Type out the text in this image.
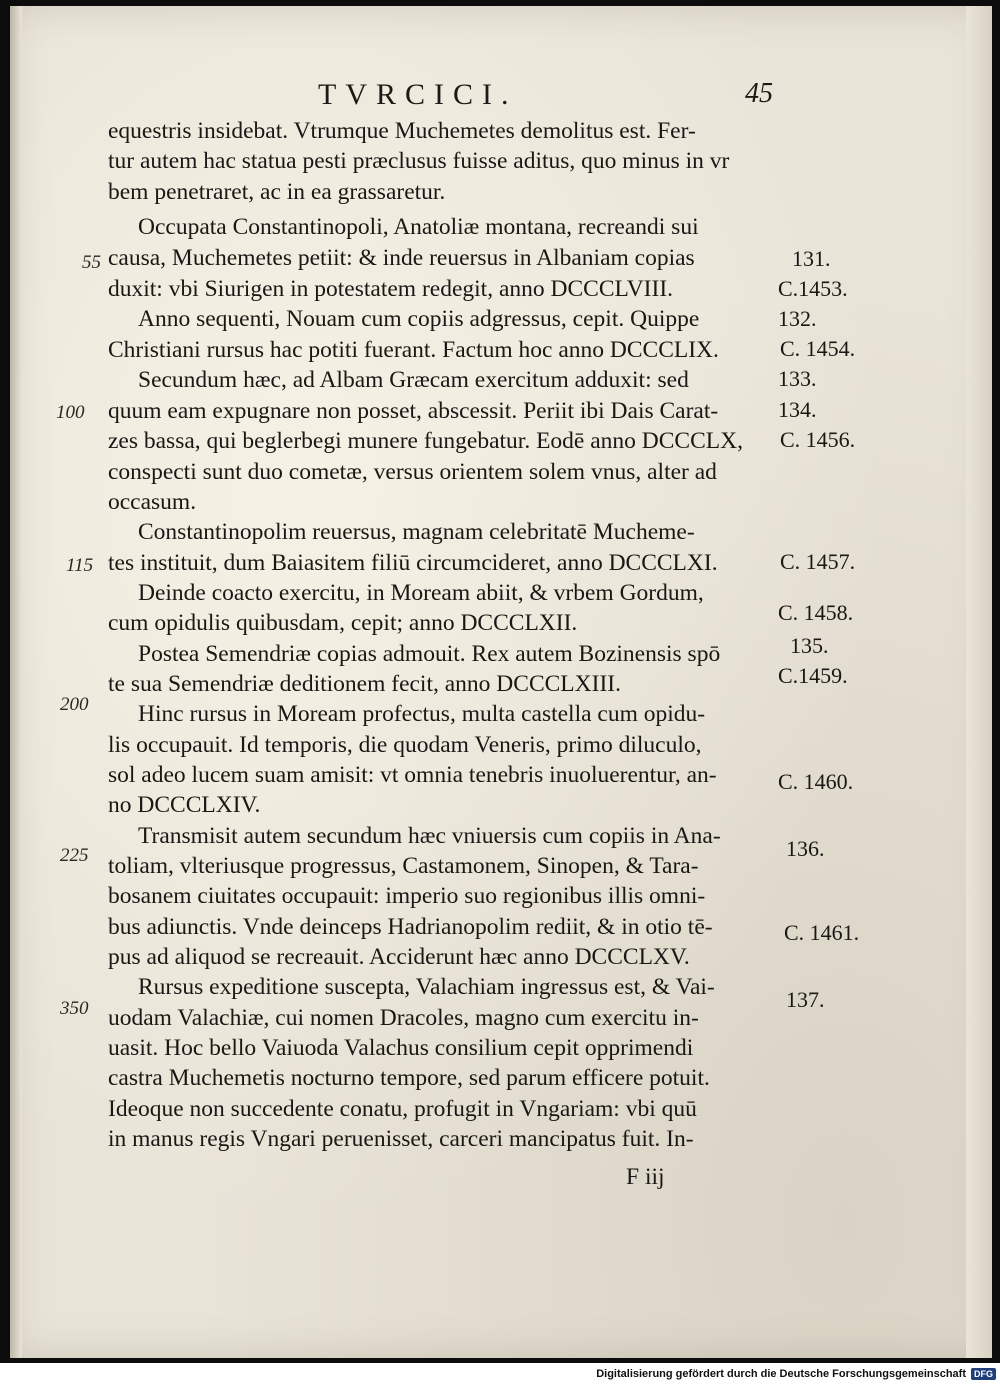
TVRCICI.	45
equestris insidebat. Vtrumque Muchemetes demolitus est. Fer-
tur autem hac statua pesti præclusus fuisse aditus, quo minus in vr
bem penetraret, ac in ea grassaretur.
Occupata Constantinopoli, Anatoliæ montana, recreandi sui
causa, Muchemetes petiit: & inde reuersus in Albaniam copias
duxit: vbi Siurigen in potestatem redegit, anno DCCCLVIII.
Anno sequenti, Nouam cum copiis adgressus, cepit. Quippe
Christiani rursus hac potiti fuerant. Factum hoc anno DCCCLIX.
Secundum hæc, ad Albam Græcam exercitum adduxit: sed
quum eam expugnare non posset, abscessit. Periit ibi Dais Carat-
zes bassa, qui beglerbegi munere fungebatur. Eodē anno DCCCLX,
conspecti sunt duo cometæ, versus orientem solem vnus, alter ad
occasum.
Constantinopolim reuersus, magnam celebritatē Mucheme-
tes instituit, dum Baiasitem filiū circumcideret, anno DCCCLXI.
Deinde coacto exercitu, in Moream abiit, & vrbem Gordum,
cum opidulis quibusdam, cepit; anno DCCCLXII.
Postea Semendriæ copias admouit. Rex autem Bozinensis spō
te sua Semendriæ deditionem fecit, anno DCCCLXIII.
Hinc rursus in Moream profectus, multa castella cum opidu-
lis occupauit. Id temporis, die quodam Veneris, primo diluculo,
sol adeo lucem suam amisit: vt omnia tenebris inuoluerentur, an-
no DCCCLXIV.
Transmisit autem secundum hæc vniuersis cum copiis in Ana-
toliam, vlteriusque progressus, Castamonem, Sinopen, & Tara-
bosanem ciuitates occupauit: imperio suo regionibus illis omni-
bus adiunctis. Vnde deinceps Hadrianopolim rediit, & in otio tē-
pus ad aliquod se recreauit. Acciderunt hæc anno DCCCLXV.
Rursus expeditione suscepta, Valachiam ingressus est, & Vai-
uodam Valachiæ, cui nomen Dracoles, magno cum exercitu in-
uasit. Hoc bello Vaiuoda Valachus consilium cepit opprimendi
castra Muchemetis nocturno tempore, sed parum efficere potuit.
Ideoque non succedente conatu, profugit in Vngariam: vbi quū
in manus regis Vngari peruenisset, carceri mancipatus fuit. In-
F iij
55
100
115
200
225
350
131.
C.1453.
132.
C. 1454.
133.
134.
C. 1456.
C. 1457.
C. 1458.
135.
C.1459.
C. 1460.
136.
C. 1461.
137.
Digitalisierung gefördert durch die Deutsche Forschungsgemeinschaft DFG
